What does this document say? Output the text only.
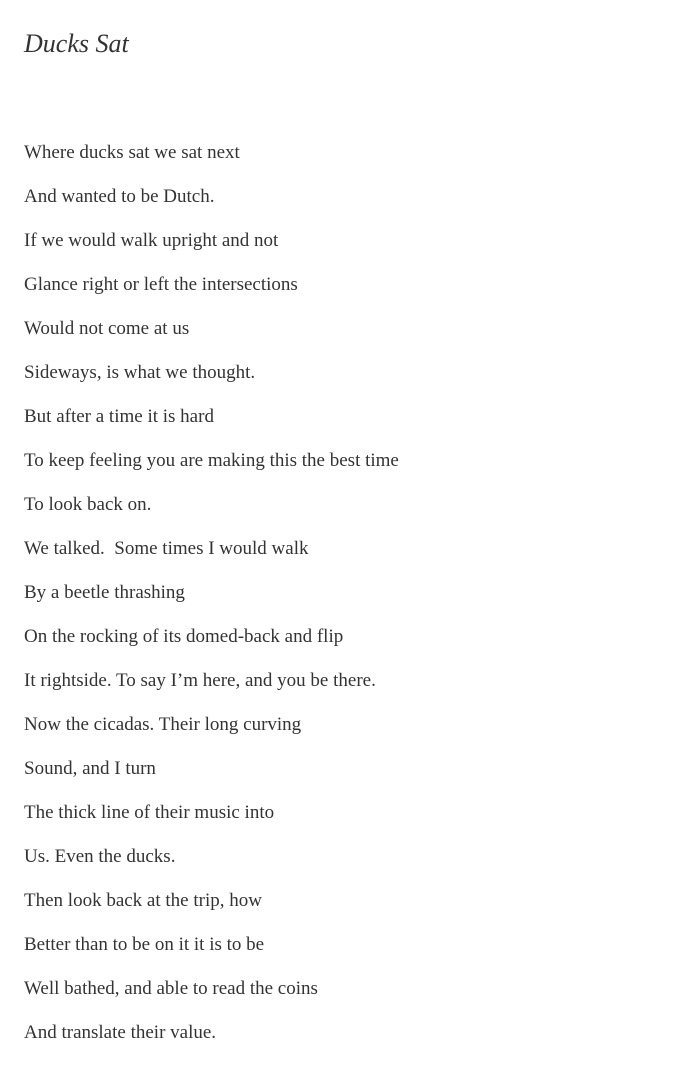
Ducks Sat
Where ducks sat we sat next
And wanted to be Dutch.
If we would walk upright and not
Glance right or left the intersections
Would not come at us
Sideways, is what we thought.
But after a time it is hard
To keep feeling you are making this the best time
To look back on.
We talked.  Some times I would walk
By a beetle thrashing
On the rocking of its domed-back and flip
It rightside. To say I’m here, and you be there.
Now the cicadas. Their long curving
Sound, and I turn
The thick line of their music into
Us. Even the ducks.
Then look back at the trip, how
Better than to be on it it is to be
Well bathed, and able to read the coins
And translate their value.
